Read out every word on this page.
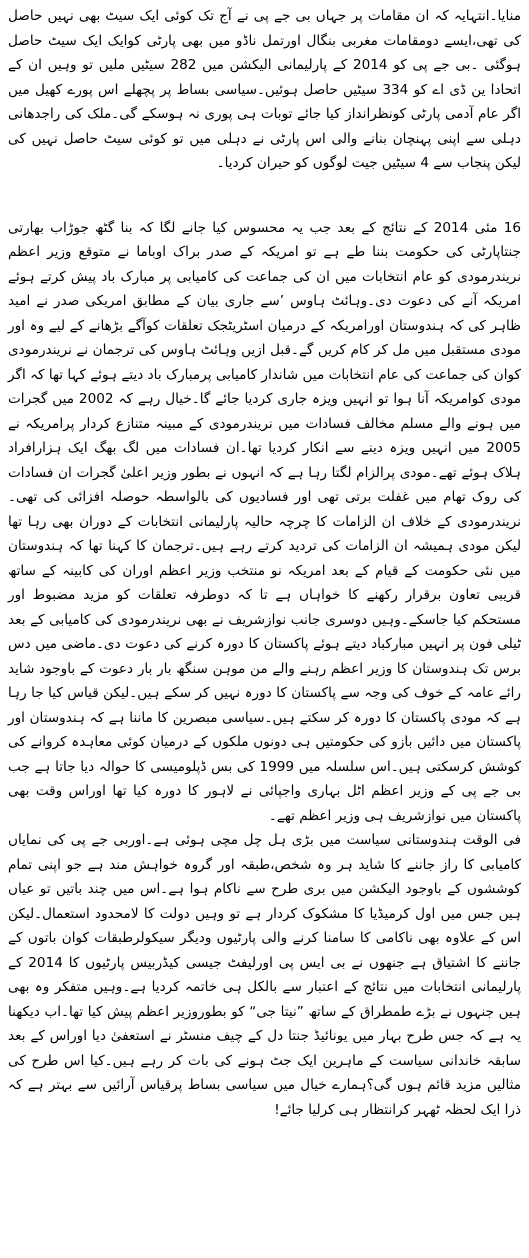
منایا۔انتہایہ کہ ان مقامات پر جہاں بی جے پی نے آج تک کوئی ایک سیٹ بھی نہیں حاصل کی تھی،ایسے دومقامات مغربی بنگال اورتمل ناڈو میں بھی پارٹی کوایک ایک سیٹ حاصل ہوگئی ۔بی جے پی کو 2014 کے پارلیمانی الیکشن میں 282 سیٹیں ملیں تو وہیں ان کے اتحادا ین ڈی اے کو 334 سیٹیں حاصل ہوئیں۔سیاسی بساط پر پچھلے اس پورے کھیل میں اگر عام آدمی پارٹی کونظرانداز کیا جائے توبات ہی پوری نہ ہوسکے گی۔ملک کی راجدھانی دہلی سے اپنی پہنچان بنانے والی اس پارٹی نے دہلی میں تو کوئی سیٹ حاصل نہیں کی لیکن پنجاب سے 4 سیٹیں جیت لوگوں کو حیران کردیا۔

16 مئی 2014 کے نتائج کے بعد جب یہ محسوس کیا جانے لگا کہ بنا گٹھ جوڑاب بھارتی جنتاپارٹی کی حکومت بننا طے ہے تو امریکہ کے صدر براک اوباما نے متوقع وزیر اعظم نریندرمودی کو عام انتخابات میں ان کی جماعت کی کامیابی پر مبارک باد پیش کرتے ہوئے امریکہ آنے کی دعوت دی۔وہائٹ ہاوس ’سے جاری بیان کے مطابق امریکی صدر نے امید ظاہر کی کہ ہندوستان اورامریکہ کے درمیان اسٹریٹجک تعلقات کوآگے بڑھانے کے لیے وہ اور مودی مستقبل میں مل کر کام کریں گے۔قبل ازیں وہائٹ ہاوس کی ترجمان نے نریندرمودی کوان کی جماعت کی عام انتخابات میں شاندار کامیابی پرمبارک باد دیتے ہوئے کہا تھا کہ اگر مودی کوامریکہ آنا ہوا تو انہیں ویزہ جاری کردیا جائے گا۔خیال رہے کہ 2002 میں گجرات میں ہونے والے مسلم مخالف فسادات میں نریندرمودی کے مبینہ متنازع کردار پرامریکہ نے 2005 میں انہیں ویزہ دینے سے انکار کردیا تھا۔ان فسادات میں لگ بھگ ایک ہزارافراد ہلاک ہوئے تھے۔مودی پرالزام لگتا رہا ہے کہ انہوں نے بطور وزیر اعلیٰ گجرات ان فسادات کی روک تھام میں غفلت برتی تھی اور فسادیوں کی بالواسطہ حوصلہ افزائی کی تھی۔نریندرمودی کے خلاف ان الزامات کا چرچہ حالیہ پارلیمانی انتخابات کے دوران بھی رہا تھا لیکن مودی ہمیشہ ان الزامات کی تردید کرتے رہے ہیں۔ترجمان کا کہنا تھا کہ ہندوستان میں نئی حکومت کے قیام کے بعد امریکہ نو منتخب وزیر اعظم اوران کی کابینہ کے ساتھ قریبی تعاون برقرار رکھنے کا خواہاں ہے تا کہ دوطرفہ تعلقات کو مزید مضبوط اور مستحکم کیا جاسکے۔وہیں دوسری جانب نوازشریف نے بھی نریندرمودی کی کامیابی کے بعد ٹیلی فون پر انہیں مبارکباد دیتے ہوئے پاکستان کا دورہ کرنے کی دعوت دی۔ماضی میں دس برس تک ہندوستان کا وزیر اعظم رہنے والے من موہن سنگھ بار بار دعوت کے باوجود شاید رائے عامہ کے خوف کی وجہ سے پاکستان کا دورہ نہیں کر سکے ہیں۔لیکن قیاس کیا جا رہا ہے کہ مودی پاکستان کا دورہ کر سکتے ہیں۔سیاسی مبصرین کا ماننا ہے کہ ہندوستان اور پاکستان میں دائیں بازو کی حکومتیں ہی دونوں ملکوں کے درمیان کوئی معاہدہ کروانے کی کوشش کرسکتی ہیں۔اس سلسلہ میں 1999 کی بس ڈپلومیسی کا حوالہ دیا جاتا ہے جب بی جے پی کے وزیر اعظم اٹل بہاری واجپائی نے لاہور کا دورہ کیا تھا اوراس وقت بھی پاکستان میں نوازشریف ہی وزیر اعظم تھے۔

فی الوقت ہندوستانی سیاست میں بڑی ہل چل مچی ہوئی ہے۔اوربی جے پی کی نمایاں کامیابی کا راز جاننے کا شاید ہر وہ شخص،طبقہ اور گروہ خواہش مند ہے جو اپنی تمام کوششوں کے باوجود الیکشن میں بری طرح سے ناکام ہوا ہے۔اس میں چند باتیں تو عیاں ہیں جس میں اول کرمیڈیا کا مشکوک کردار ہے تو وہیں دولت کا لامحدود استعمال۔لیکن اس کے علاوہ بھی ناکامی کا سامنا کرنے والی پارٹیوں ودیگر سیکولرطبقات کوان باتوں کے جاننے کا اشتیاق ہے جنھوں نے بی ایس پی اورلیفٹ جیسی کیڈربیس پارٹیوں کا 2014 کے پارلیمانی انتخابات میں نتائج کے اعتبار سے بالکل ہی خاتمہ کردیا ہے۔وہیں متفکر وہ بھی ہیں جنہوں نے بڑے طمطراق کے ساتھ ”نیتا جی“ کو بطوروزیر اعظم پیش کیا تھا۔اب دیکھنا یہ ہے کہ جس طرح بہار میں یونائیڈ جنتا دل کے چیف منسٹر نے استعفیٰ دیا اوراس کے بعد سابقہ خاندانی سیاست کے ماہرین ایک جٹ ہونے کی بات کر رہے ہیں۔کیا اس طرح کی مثالیں مزید قائم ہوں گی؟ہمارے خیال میں سیاسی بساط پرقیاس آرائیں سے بہتر ہے کہ ذرا ایک لحظہ ٹھہر کرانتظار ہی کرلیا جائے!
